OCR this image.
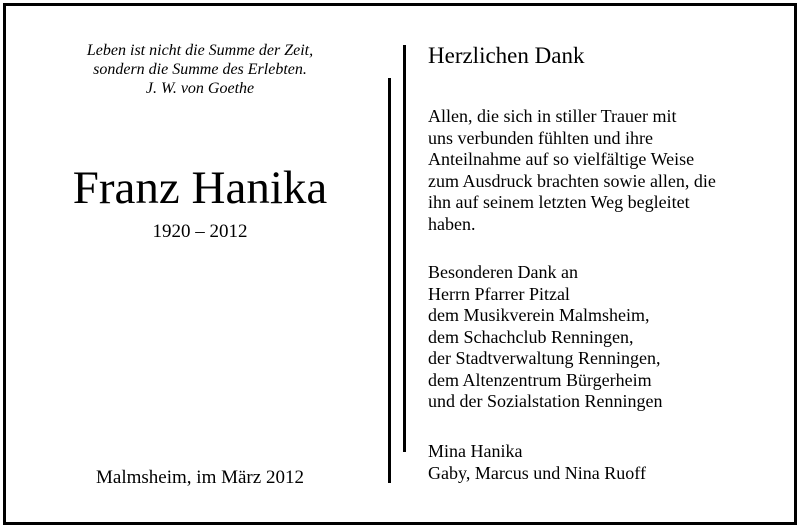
Leben ist nicht die Summe der Zeit,
sondern die Summe des Erlebten.
J. W. von Goethe
Franz Hanika
1920 – 2012
Malmsheim, im März 2012
Herzlichen Dank
Allen, die sich in stiller Trauer mit
uns verbunden fühlten und ihre
Anteilnahme auf so vielfältige Weise
zum Ausdruck brachten sowie allen, die
ihn auf seinem letzten Weg begleitet
haben.
Besonderen Dank an
Herrn Pfarrer Pitzal
dem Musikverein Malmsheim,
dem Schachclub Renningen,
der Stadtverwaltung Renningen,
dem Altenzentrum Bürgerheim
und der Sozialstation Renningen
Mina Hanika
Gaby, Marcus und Nina Ruoff
